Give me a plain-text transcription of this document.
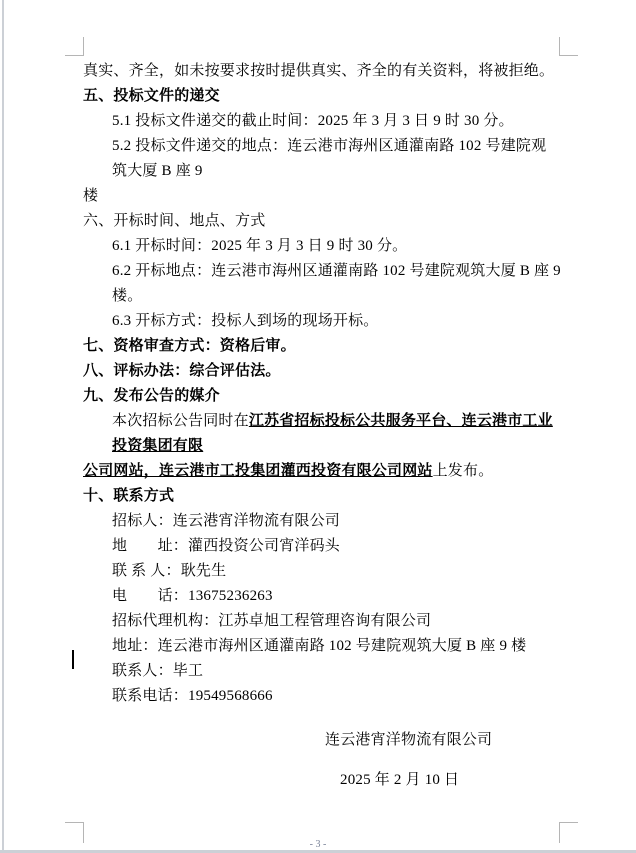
真实、齐全，如未按要求按时提供真实、齐全的有关资料，将被拒绝。
五、投标文件的递交
5.1 投标文件递交的截止时间：2025 年 3 月 3 日 9 时 30 分。
5.2 投标文件递交的地点：连云港市海州区通灌南路 102 号建院观筑大厦 B 座 9
楼
六、开标时间、地点、方式
6.1 开标时间：2025 年 3 月 3 日 9 时 30 分。
6.2 开标地点：连云港市海州区通灌南路 102 号建院观筑大厦 B 座 9 楼。
6.3 开标方式：投标人到场的现场开标。
七、资格审查方式：资格后审。
八、评标办法：综合评估法。
九、发布公告的媒介
本次招标公告同时在江苏省招标投标公共服务平台、连云港市工业投资集团有限
公司网站，连云港市工投集团灌西投资有限公司网站上发布。
十、联系方式
招标人：连云港宵洋物流有限公司
地　　址：灌西投资公司宵洋码头
联 系 人：耿先生
电　　话：13675236263
招标代理机构：江苏卓旭工程管理咨询有限公司
地址：连云港市海州区通灌南路 102 号建院观筑大厦 B 座 9 楼
联系人：毕工
联系电话：19549568666
连云港宵洋物流有限公司
2025 年 2 月 10 日
- 3 -
